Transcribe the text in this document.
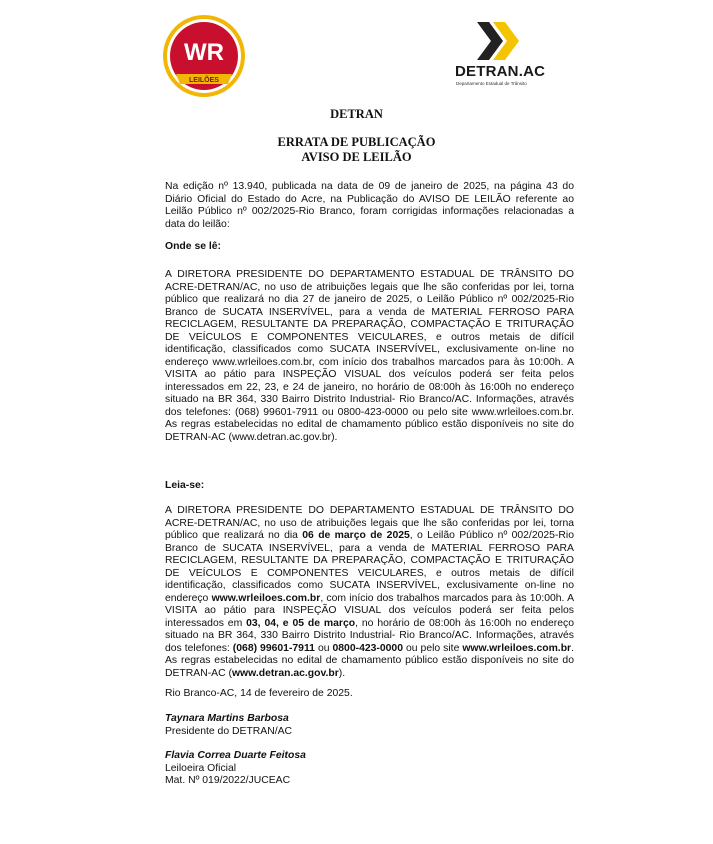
WR
LEILÕES
DETRAN.AC
Departamento Estadual de Trânsito
DETRAN
ERRATA DE PUBLICAÇÃO
AVISO DE LEILÃO
Na edição nº 13.940, publicada na data de 09 de janeiro de 2025, na página 43 do Diário Oficial do Estado do Acre, na Publicação do AVISO DE LEILÃO referente ao Leilão Público nº 002/2025-Rio Branco, foram corrigidas informações relacionadas a data do leilão:
Onde se lê:
A DIRETORA PRESIDENTE DO DEPARTAMENTO ESTADUAL DE TRÂNSITO DO ACRE-DETRAN/AC, no uso de atribuições legais que lhe são conferidas por lei, torna público que realizará no dia 27 de janeiro de 2025, o Leilão Público nº 002/2025-Rio Branco de SUCATA INSERVÍVEL, para a venda de MATERIAL FERROSO PARA RECICLAGEM, RESULTANTE DA PREPARAÇÃO, COMPACTAÇÃO E TRITURAÇÃO DE VEÍCULOS E COMPONENTES VEICULARES, e outros metais de difícil identificação, classificados como SUCATA INSERVÍVEL, exclusivamente on-line no endereço www.wrleiloes.com.br, com início dos trabalhos marcados para às 10:00h. A VISITA ao pátio para INSPEÇÃO VISUAL dos veículos poderá ser feita pelos interessados em 22, 23, e 24 de janeiro, no horário de 08:00h às 16:00h no endereço situado na BR 364, 330 Bairro Distrito Industrial- Rio Branco/AC. Informações, através dos telefones: (068) 99601-7911 ou 0800-423-0000 ou pelo site www.wrleiloes.com.br. As regras estabelecidas no edital de chamamento público estão disponíveis no site do DETRAN-AC (www.detran.ac.gov.br).
Leia-se:
A DIRETORA PRESIDENTE DO DEPARTAMENTO ESTADUAL DE TRÂNSITO DO ACRE-DETRAN/AC, no uso de atribuições legais que lhe são conferidas por lei, torna público que realizará no dia 06 de março de 2025, o Leilão Público nº 002/2025-Rio Branco de SUCATA INSERVÍVEL, para a venda de MATERIAL FERROSO PARA RECICLAGEM, RESULTANTE DA PREPARAÇÃO, COMPACTAÇÃO E TRITURAÇÃO DE VEÍCULOS E COMPONENTES VEICULARES, e outros metais de difícil identificação, classificados como SUCATA INSERVÍVEL, exclusivamente on-line no endereço www.wrleiloes.com.br, com início dos trabalhos marcados para às 10:00h. A VISITA ao pátio para INSPEÇÃO VISUAL dos veículos poderá ser feita pelos interessados em 03, 04, e 05 de março, no horário de 08:00h às 16:00h no endereço situado na BR 364, 330 Bairro Distrito Industrial- Rio Branco/AC. Informações, através dos telefones: (068) 99601-7911 ou 0800-423-0000 ou pelo site www.wrleiloes.com.br. As regras estabelecidas no edital de chamamento público estão disponíveis no site do DETRAN-AC (www.detran.ac.gov.br).
Rio Branco-AC, 14 de fevereiro de 2025.
Taynara Martins Barbosa
Presidente do DETRAN/AC
Flavia Correa Duarte Feitosa
Leiloeira Oficial
Mat. Nº 019/2022/JUCEAC
